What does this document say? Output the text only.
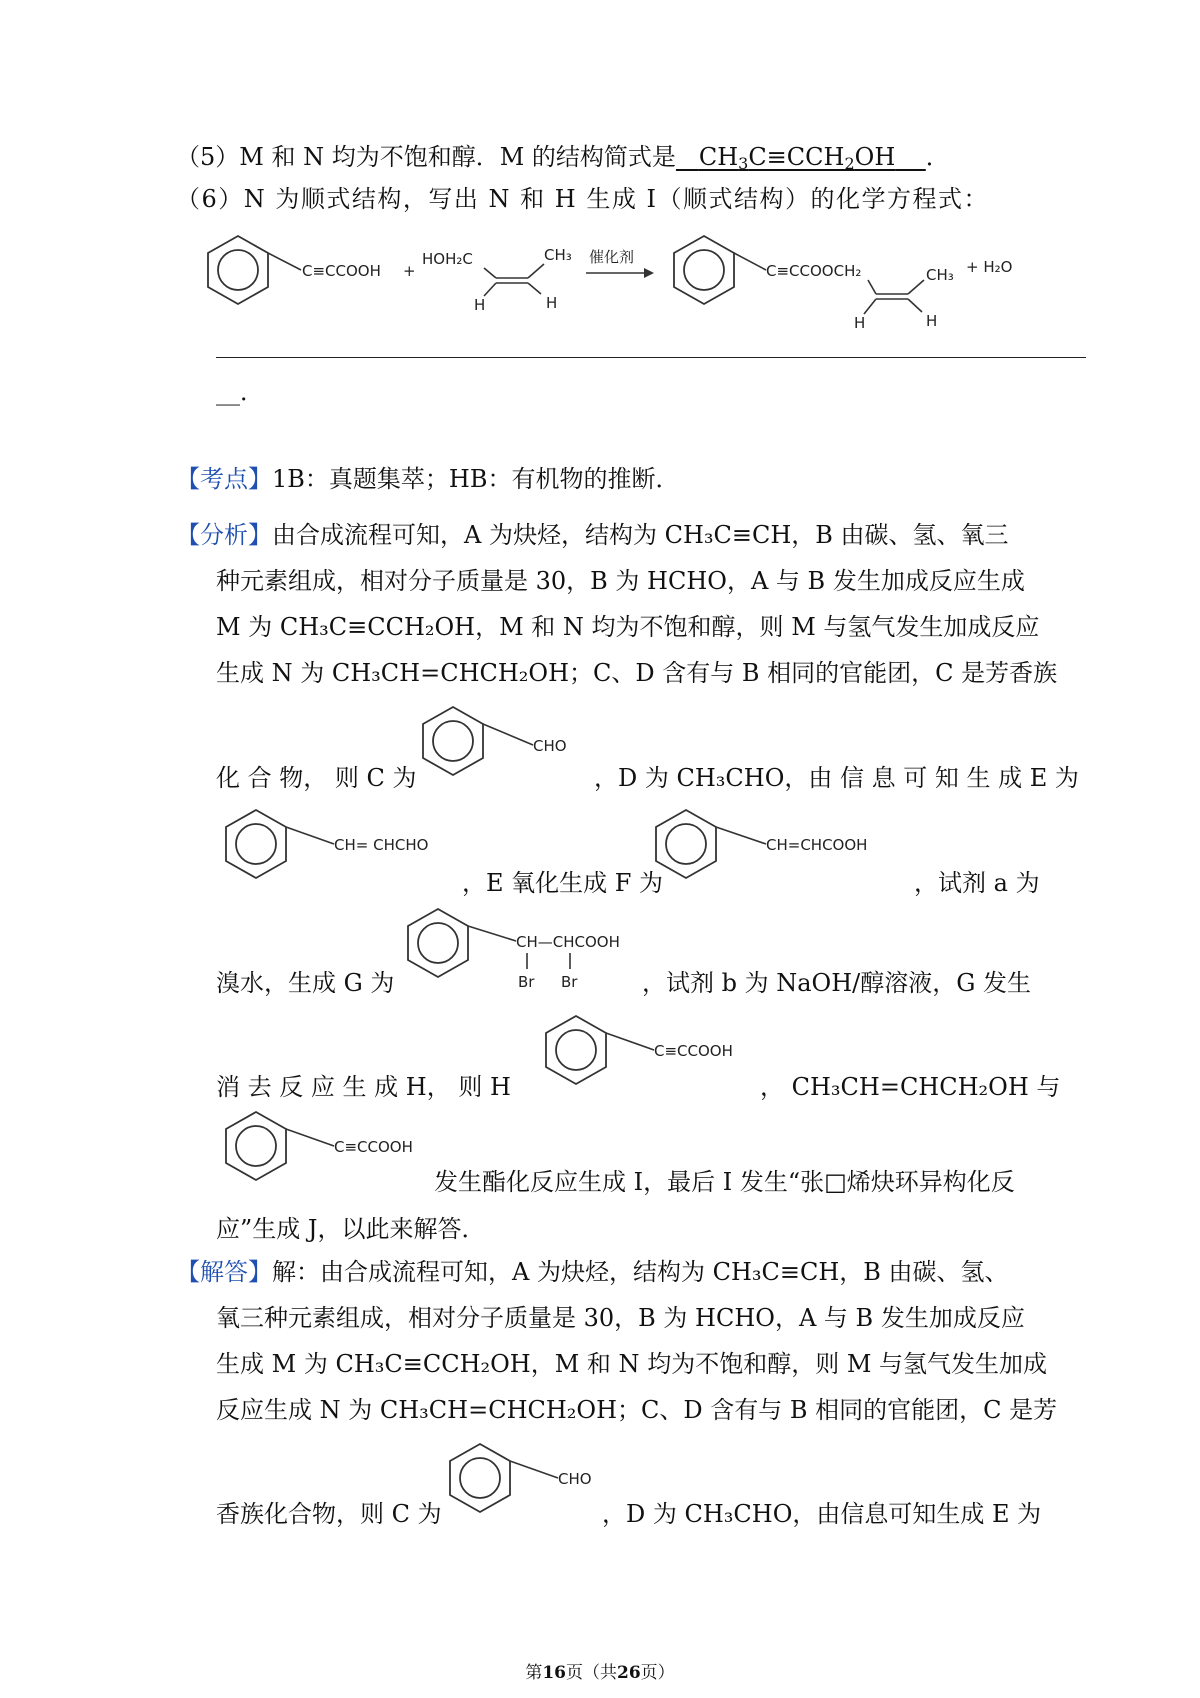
（5）M 和 N 均为不饱和醇．M 的结构简式是 $CH_3C\equiv CCH_2OH$ ．
（6）N 为顺式结构，写出 N 和 H 生成 I（顺式结构）的化学方程式：
C≡CCOOH +
HOH₂C	CH₃
H	H
催化剂
C≡CCOOCH₂	CH₃
H	H
+ H₂O
__．
【考点】1B：真题集萃；HB：有机物的推断．
【分析】由合成流程可知，A 为炔烃，结构为 CH₃C≡CH，B 由碳、氢、氧三
种元素组成，相对分子质量是 30，B 为 HCHO，A 与 B 发生加成反应生成
M 为 CH₃C≡CCH₂OH，M 和 N 均为不饱和醇，则 M 与氢气发生加成反应
生成 N 为 CH₃CH=CHCH₂OH；C、D 含有与 B 相同的官能团，C 是芳香族
化 合 物， 则 C 为
CHO
，D 为 CH₃CHO，由 信 息 可 知 生 成 E 为
CH= CHCHO
，E 氧化生成 F 为
CH=CHCOOH
，试剂 a 为
溴水，生成 G 为
CH—CHCOOH
Br Br	，试剂 b 为 NaOH/醇溶液，G 发生
消 去 反 应 生 成 H， 则 H
C≡CCOOH
， CH₃CH=CHCH₂OH 与
C≡CCOOH
发生酯化反应生成 I，最后 I 发生“张□烯炔环异构化反
应”生成 J，以此来解答．
【解答】解：由合成流程可知，A 为炔烃，结构为 CH₃C≡CH，B 由碳、氢、
氧三种元素组成，相对分子质量是 30，B 为 HCHO，A 与 B 发生加成反应
生成 M 为 CH₃C≡CCH₂OH，M 和 N 均为不饱和醇，则 M 与氢气发生加成
反应生成 N 为 CH₃CH=CHCH₂OH；C、D 含有与 B 相同的官能团，C 是芳
香族化合物，则 C 为
CHO
，D 为 CH₃CHO，由信息可知生成 E 为
第16页（共26页）
